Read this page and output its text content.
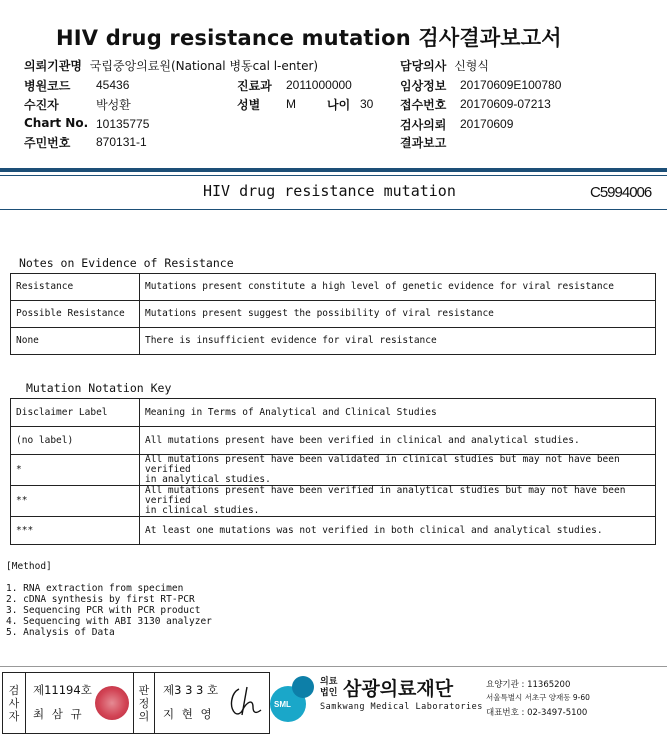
HIV drug resistance mutation 검사결과보고서
의뢰기관명 국립중앙의료원(National 병동cal l-enter)	담당의사 신형식
병원코드 45436	진료과 2011000000	임상정보 20170609E100780
수진자	박성환	성별 M	나이 30 접수번호 20170609-07213
Chart No. 10135775	검사의뢰 20170609
주민번호 870131-1	결과보고
HIV drug resistance mutation	C5994006
Notes on Evidence of Resistance
Resistance	Mutations present constitute a high level of genetic evidence for viral resistance
Possible Resistance	Mutations present suggest the possibility of viral resistance
None	There is insufficient evidence for viral resistance
Mutation Notation Key
Disclaimer Label	Meaning in Terms of Analytical and Clinical Studies
(no label)	All mutations present have been verified in clinical and analytical studies.
*	All mutations present have been validated in clinical studies but may not have been verified
in analytical studies.

**	All mutations present have been verified in analytical studies but may not have been verified
in clinical studies.

***	At least one mutations was not verified in both clinical and analytical studies.
[Method]
1. RNA extraction from specimen
2. cDNA synthesis by first RT-PCR
3. Sequencing PCR with PCR product
4. Sequencing with ABI 3130 analyzer
5. Analysis of Data
검
사
자
제11194호
최 삼 규
판
정
의
제3 3 3 호
지 현 영
SML
의료
법인 삼광의료재단
Samkwang Medical Laboratories
요양기관 : 11365200
서울특별시 서초구 양재동 9-60
대표번호 : 02-3497-5100
